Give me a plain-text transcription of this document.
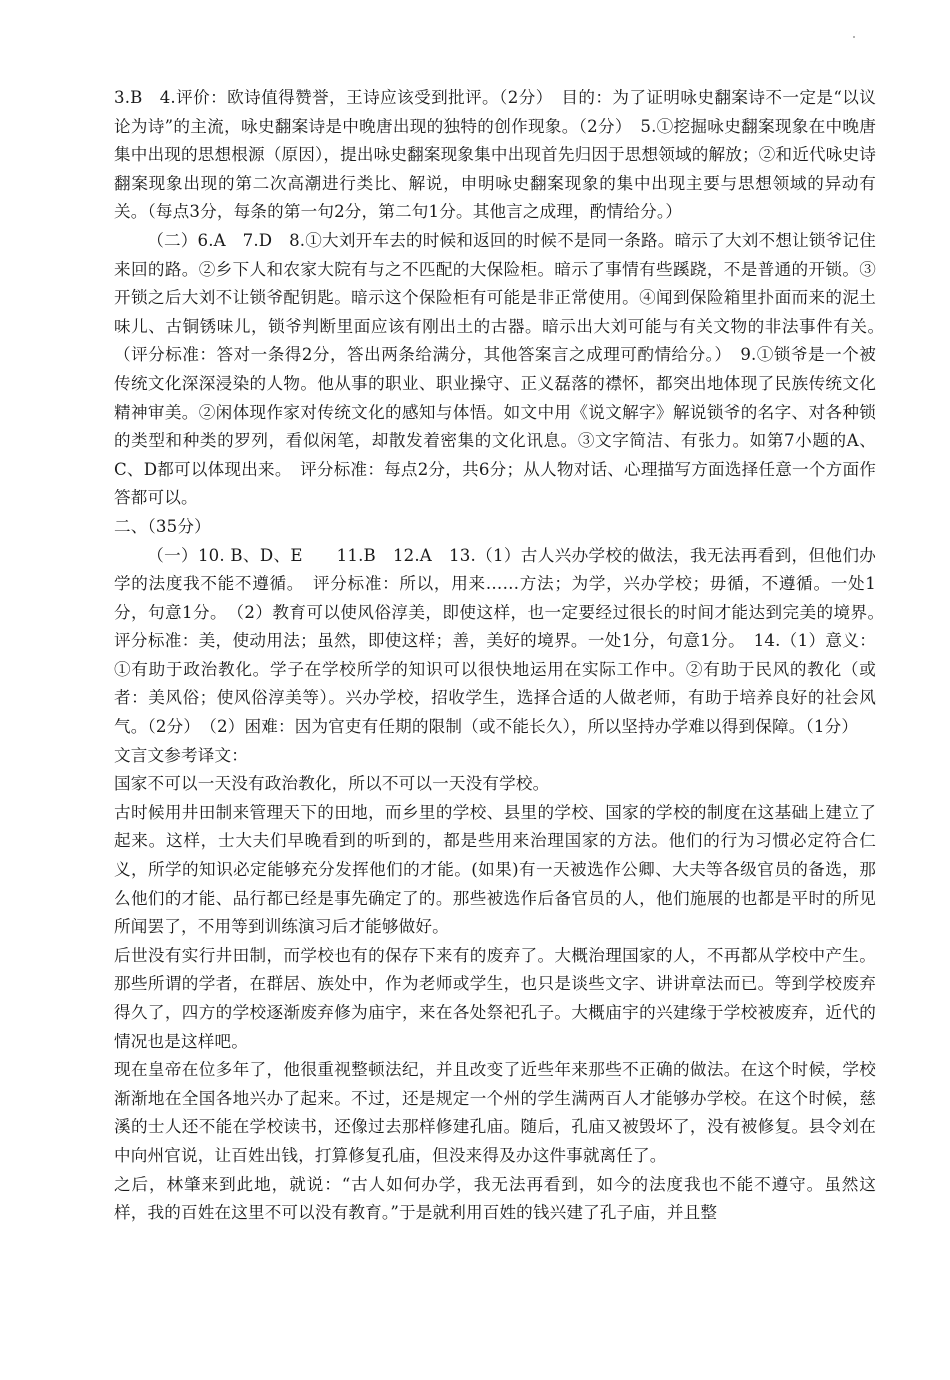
3.B　4.评价：欧诗值得赞誉，王诗应该受到批评。（2分）　目的：为了证明咏史翻案诗不一定是“以议论为诗”的主流，咏史翻案诗是中晚唐出现的独特的创作现象。（2分）　5.①挖掘咏史翻案现象在中晚唐集中出现的思想根源（原因），提出咏史翻案现象集中出现首先归因于思想领域的解放；②和近代咏史诗翻案现象出现的第二次高潮进行类比、解说，申明咏史翻案现象的集中出现主要与思想领域的异动有关。（每点3分，每条的第一句2分，第二句1分。其他言之成理，酌情给分。）

（二）6.A　7.D　8.①大刘开车去的时候和返回的时候不是同一条路。暗示了大刘不想让锁爷记住来回的路。②乡下人和农家大院有与之不匹配的大保险柜。暗示了事情有些蹊跷，不是普通的开锁。③开锁之后大刘不让锁爷配钥匙。暗示这个保险柜有可能是非正常使用。④闻到保险箱里扑面而来的泥土味儿、古铜锈味儿，锁爷判断里面应该有刚出土的古器。暗示出大刘可能与有关文物的非法事件有关。　（评分标准：答对一条得2分，答出两条给满分，其他答案言之成理可酌情给分。）　9.①锁爷是一个被传统文化深深浸染的人物。他从事的职业、职业操守、正义磊落的襟怀，都突出地体现了民族传统文化精神审美。②闲体现作家对传统文化的感知与体悟。如文中用《说文解字》解说锁爷的名字、对各种锁的类型和种类的罗列，看似闲笔，却散发着密集的文化讯息。③文字简洁、有张力。如第7小题的A、C、D都可以体现出来。　评分标准：每点2分，共6分；从人物对话、心理描写方面选择任意一个方面作答都可以。

二、（35分）

（一）10. B、D、E　　11.B　12.A　13.（1）古人兴办学校的做法，我无法再看到，但他们办学的法度我不能不遵循。　评分标准：所以，用来……方法；为学，兴办学校；毋循，不遵循。一处1分，句意1分。　（2）教育可以使风俗淳美，即使这样，也一定要经过很长的时间才能达到完美的境界。　评分标准：美，使动用法；虽然，即使这样；善，美好的境界。一处1分，句意1分。　14.（1）意义：①有助于政治教化。学子在学校所学的知识可以很快地运用在实际工作中。②有助于民风的教化（或者：美风俗；使风俗淳美等）。兴办学校，招收学生，选择合适的人做老师，有助于培养良好的社会风气。（2分）　（2）困难：因为官吏有任期的限制（或不能长久），所以坚持办学难以得到保障。（1分）

文言文参考译文：

国家不可以一天没有政治教化，所以不可以一天没有学校。

古时候用井田制来管理天下的田地，而乡里的学校、县里的学校、国家的学校的制度在这基础上建立了起来。这样，士大夫们早晚看到的听到的，都是些用来治理国家的方法。他们的行为习惯必定符合仁义，所学的知识必定能够充分发挥他们的才能。(如果)有一天被选作公卿、大夫等各级官员的备选，那么他们的才能、品行都已经是事先确定了的。那些被选作后备官员的人，他们施展的也都是平时的所见所闻罢了，不用等到训练演习后才能够做好。

后世没有实行井田制，而学校也有的保存下来有的废弃了。大概治理国家的人，不再都从学校中产生。那些所谓的学者，在群居、族处中，作为老师或学生，也只是谈些文字、讲讲章法而已。等到学校废弃得久了，四方的学校逐渐废弃修为庙宇，来在各处祭祀孔子。大概庙宇的兴建缘于学校被废弃，近代的情况也是这样吧。

现在皇帝在位多年了，他很重视整顿法纪，并且改变了近些年来那些不正确的做法。在这个时候，学校渐渐地在全国各地兴办了起来。不过，还是规定一个州的学生满两百人才能够办学校。在这个时候，慈溪的士人还不能在学校读书，还像过去那样修建孔庙。随后，孔庙又被毁坏了，没有被修复。县令刘在中向州官说，让百姓出钱，打算修复孔庙，但没来得及办这件事就离任了。

之后，林肇来到此地，就说：“古人如何办学，我无法再看到，如今的法度我也不能不遵守。虽然这样，我的百姓在这里不可以没有教育。”于是就利用百姓的钱兴建了孔子庙，并且整
